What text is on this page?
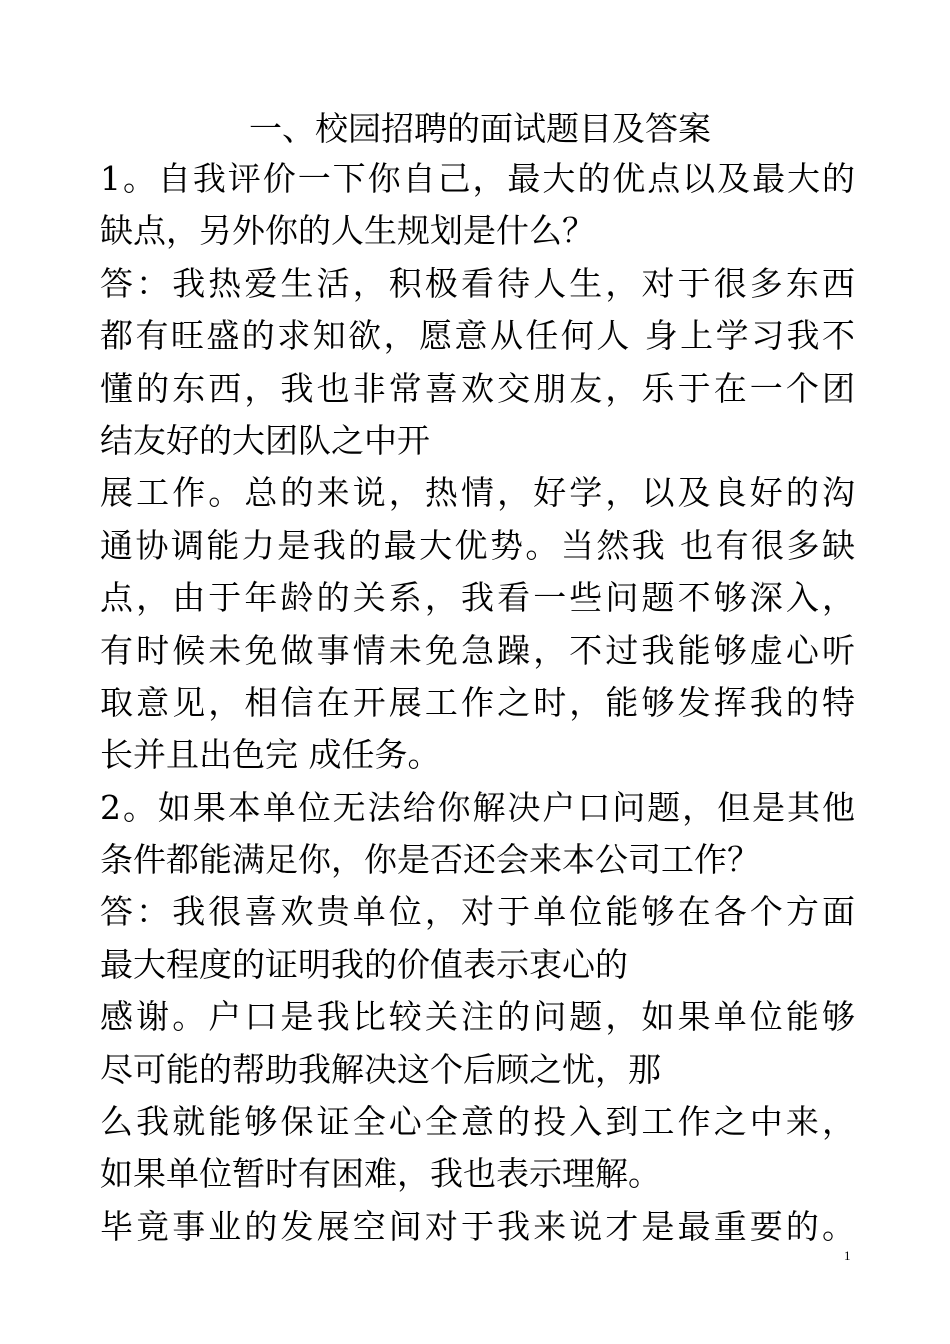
一、校园招聘的面试题目及答案
1。自我评价一下你自己，最大的优点以及最大的
缺点，另外你的人生规划是什么？
答：我热爱生活，积极看待人生，对于很多东西
都有旺盛的求知欲，愿意从任何人 身上学习我不
懂的东西，我也非常喜欢交朋友，乐于在一个团
结友好的大团队之中开
展工作。总的来说，热情，好学，以及良好的沟
通协调能力是我的最大优势。当然我 也有很多缺
点，由于年龄的关系，我看一些问题不够深入，
有时候未免做事情未免急躁，不过我能够虚心听
取意见，相信在开展工作之时，能够发挥我的特
长并且出色完 成任务。
2。如果本单位无法给你解决户口问题，但是其他
条件都能满足你，你是否还会来本公司工作？
答：我很喜欢贵单位，对于单位能够在各个方面
最大程度的证明我的价值表示衷心的
感谢。户口是我比较关注的问题，如果单位能够
尽可能的帮助我解决这个后顾之忧，那
么我就能够保证全心全意的投入到工作之中来，
如果单位暂时有困难，我也表示理解。
毕竟事业的发展空间对于我来说才是最重要的。
1
